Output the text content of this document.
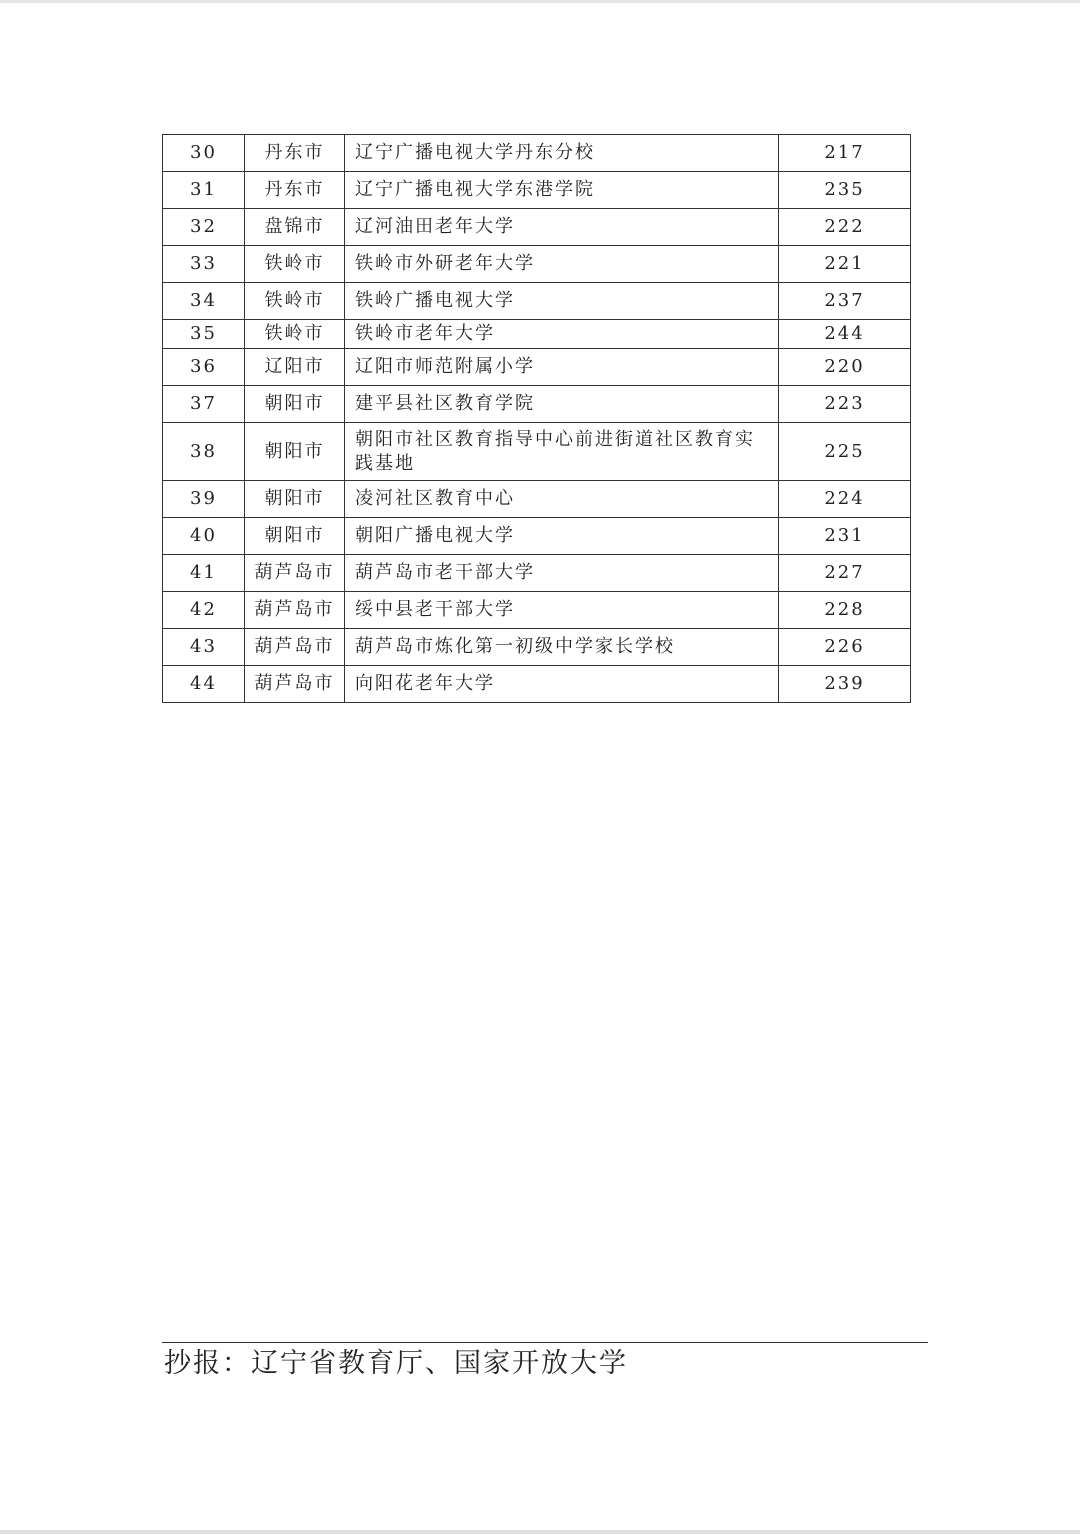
30	丹东市	辽宁广播电视大学丹东分校	217
31	丹东市	辽宁广播电视大学东港学院	235
32	盘锦市	辽河油田老年大学	222
33	铁岭市	铁岭市外研老年大学	221
34	铁岭市	铁岭广播电视大学	237
35	铁岭市	铁岭市老年大学	244
36	辽阳市	辽阳市师范附属小学	220
37	朝阳市	建平县社区教育学院	223
38	朝阳市	朝阳市社区教育指导中心前进街道社区教育实践基地	225
39	朝阳市	凌河社区教育中心	224
40	朝阳市	朝阳广播电视大学	231
41	葫芦岛市	葫芦岛市老干部大学	227
42	葫芦岛市	绥中县老干部大学	228
43	葫芦岛市	葫芦岛市炼化第一初级中学家长学校	226
44	葫芦岛市	向阳花老年大学	239
抄报：辽宁省教育厅、国家开放大学
